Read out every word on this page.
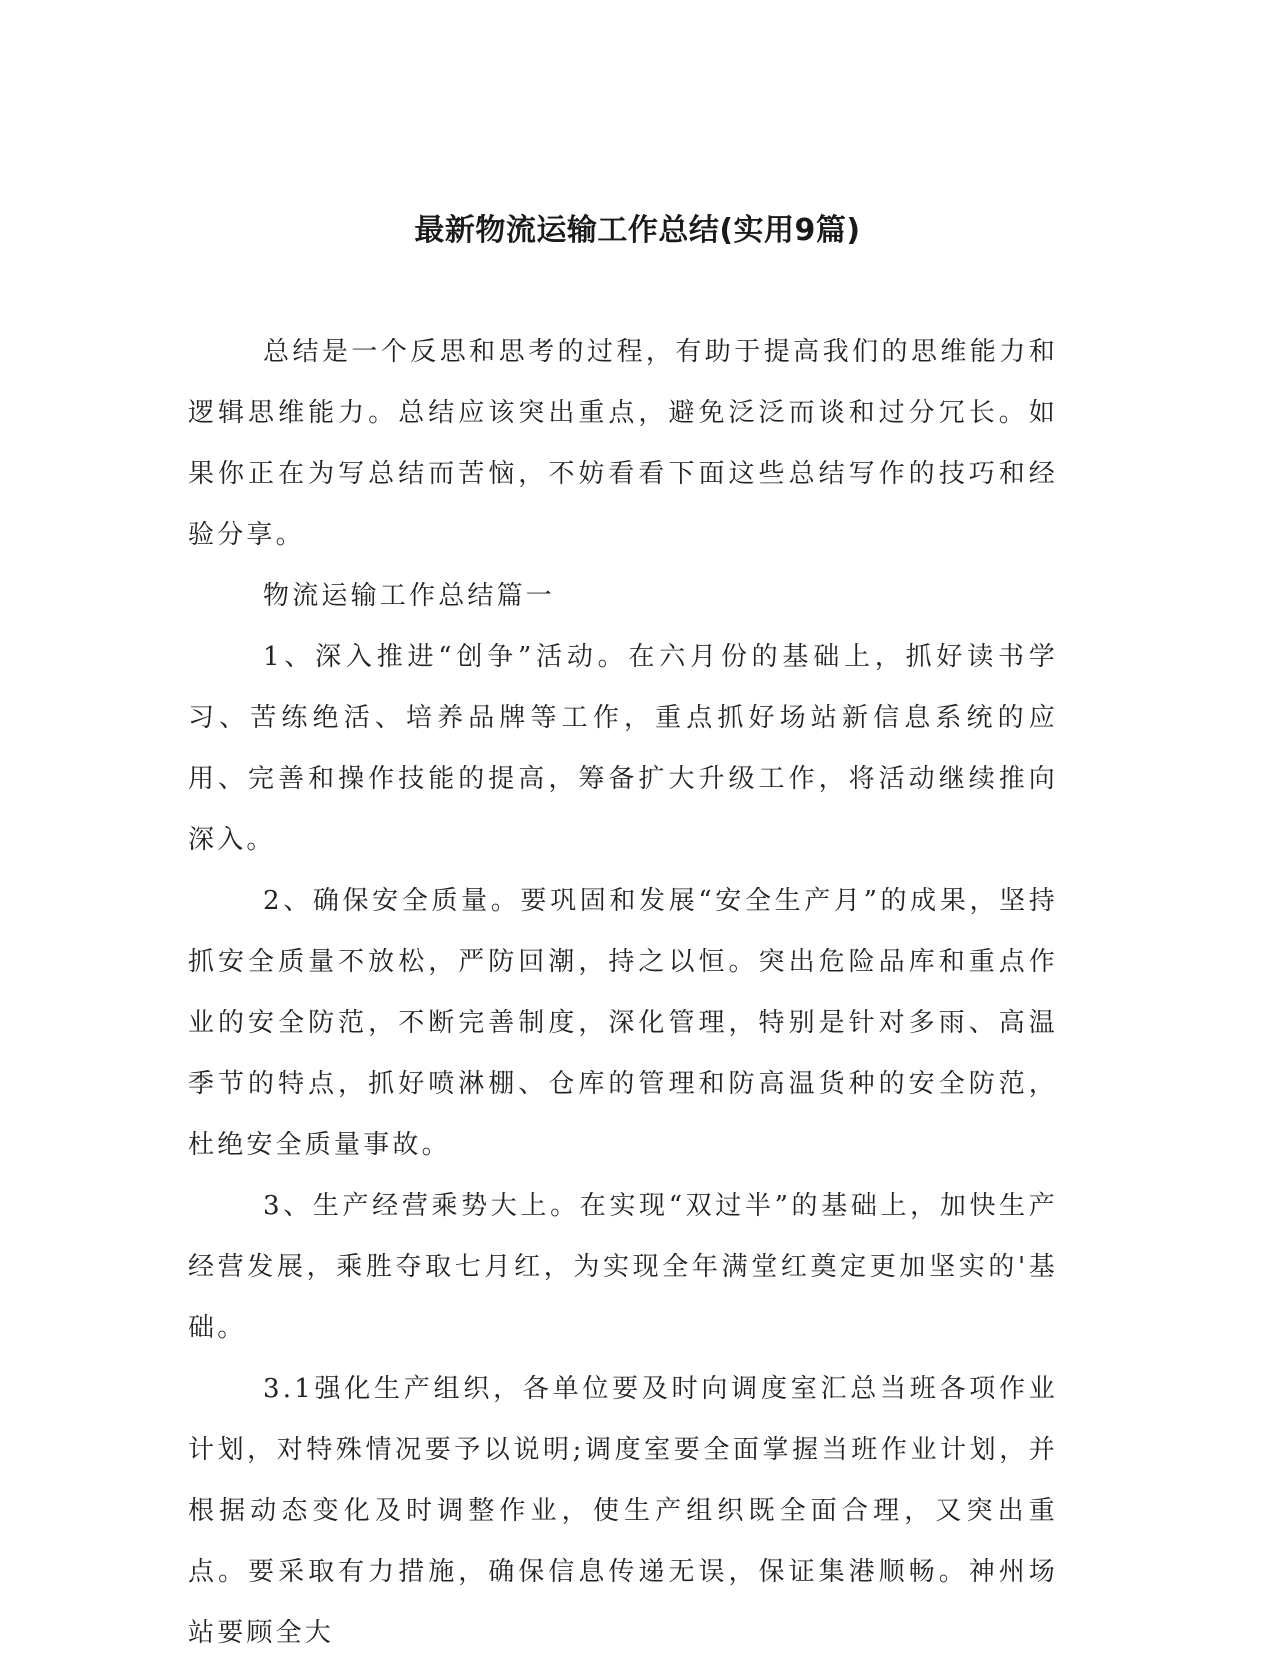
最新物流运输工作总结(实用9篇)

总结是一个反思和思考的过程，有助于提高我们的思维能力和逻辑思维能力。总结应该突出重点，避免泛泛而谈和过分冗长。如果你正在为写总结而苦恼，不妨看看下面这些总结写作的技巧和经验分享。

物流运输工作总结篇一

1、深入推进“创争”活动。在六月份的基础上，抓好读书学习、苦练绝活、培养品牌等工作，重点抓好场站新信息系统的应用、完善和操作技能的提高，筹备扩大升级工作，将活动继续推向深入。

2、确保安全质量。要巩固和发展“安全生产月”的成果，坚持抓安全质量不放松，严防回潮，持之以恒。突出危险品库和重点作业的安全防范，不断完善制度，深化管理，特别是针对多雨、高温季节的特点，抓好喷淋棚、仓库的管理和防高温货种的安全防范，杜绝安全质量事故。

3、生产经营乘势大上。在实现“双过半”的基础上，加快生产经营发展，乘胜夺取七月红，为实现全年满堂红奠定更加坚实的'基础。

3.1强化生产组织，各单位要及时向调度室汇总当班各项作业计划，对特殊情况要予以说明;调度室要全面掌握当班作业计划，并根据动态变化及时调整作业，使生产组织既全面合理，又突出重点。要采取有力措施，确保信息传递无误，保证集港顺畅。神州场站要顾全大
